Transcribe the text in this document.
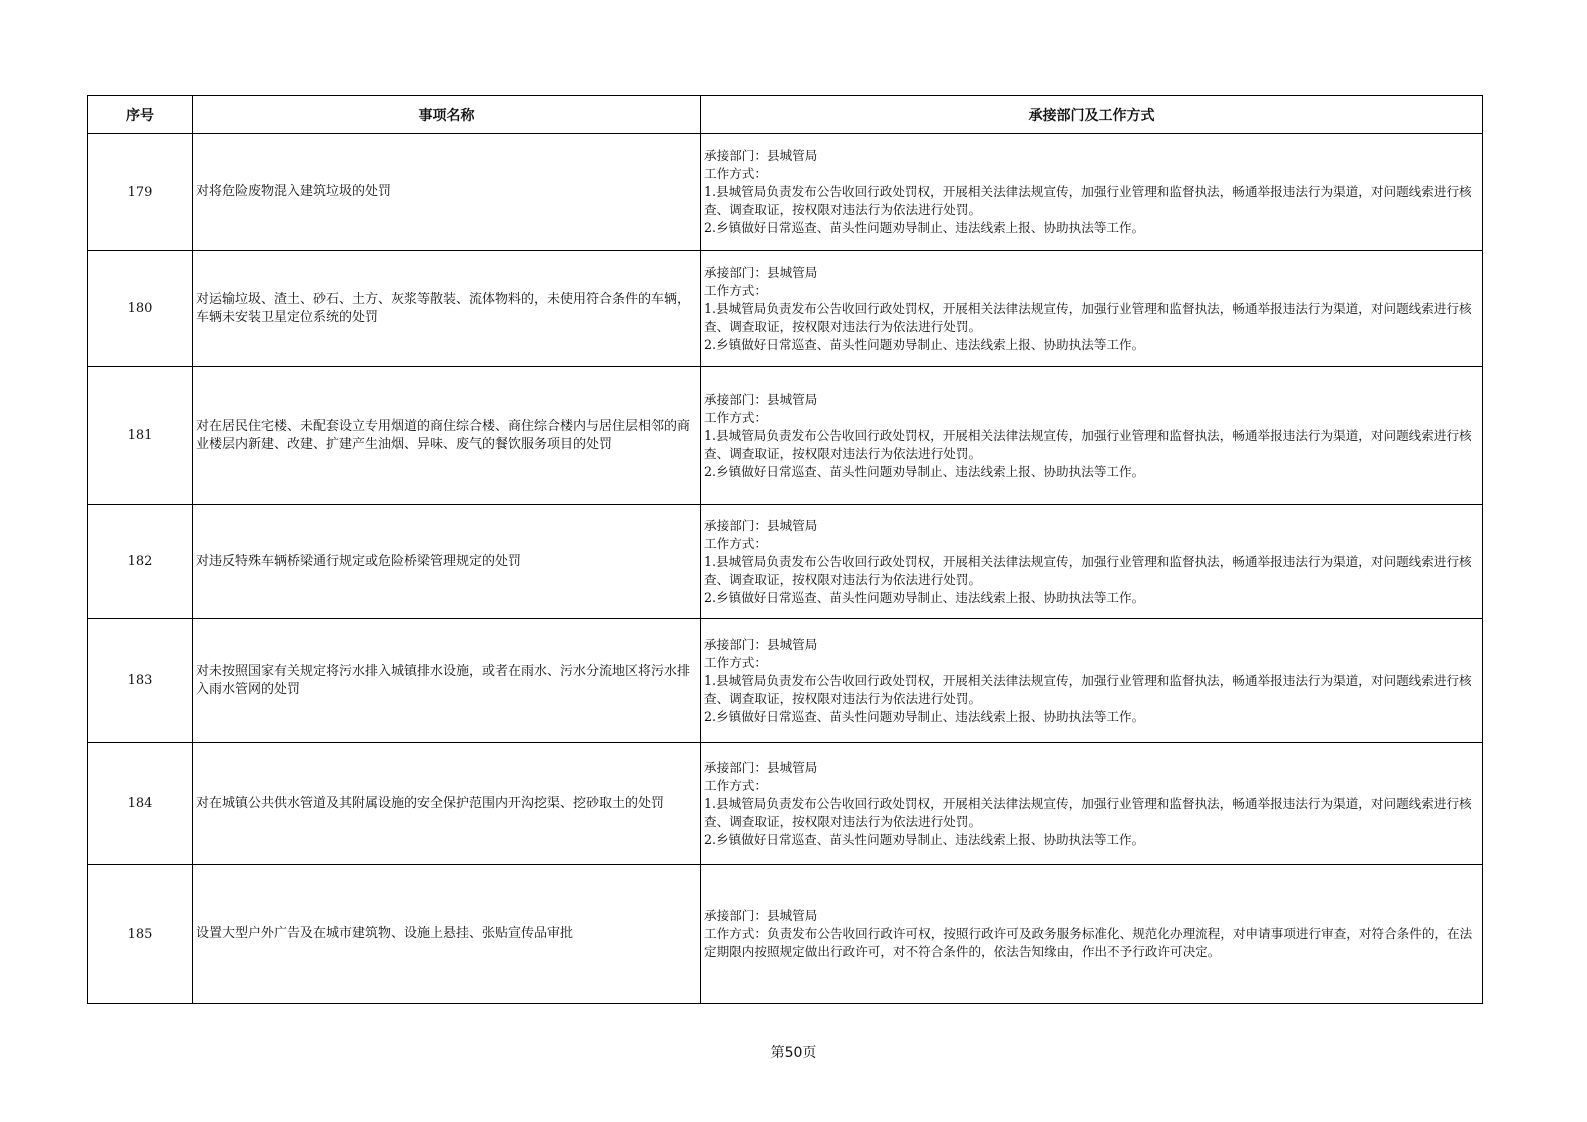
序号	事项名称	承接部门及工作方式
179	对将危险废物混入建筑垃圾的处罚	承接部门：县城管局
工作方式：
1.县城管局负责发布公告收回行政处罚权，开展相关法律法规宣传，加强行业管理和监督执法，畅通举报违法行为渠道，对问题线索进行核查、调查取证，按权限对违法行为依法进行处罚。
2.乡镇做好日常巡查、苗头性问题劝导制止、违法线索上报、协助执法等工作。

180	对运输垃圾、渣土、砂石、土方、灰浆等散装、流体物料的，未使用符合条件的车辆，车辆未安装卫星定位系统的处罚	承接部门：县城管局
工作方式：
1.县城管局负责发布公告收回行政处罚权，开展相关法律法规宣传，加强行业管理和监督执法，畅通举报违法行为渠道，对问题线索进行核查、调查取证，按权限对违法行为依法进行处罚。
2.乡镇做好日常巡查、苗头性问题劝导制止、违法线索上报、协助执法等工作。

181	对在居民住宅楼、未配套设立专用烟道的商住综合楼、商住综合楼内与居住层相邻的商业楼层内新建、改建、扩建产生油烟、异味、废气的餐饮服务项目的处罚	承接部门：县城管局
工作方式：
1.县城管局负责发布公告收回行政处罚权，开展相关法律法规宣传，加强行业管理和监督执法，畅通举报违法行为渠道，对问题线索进行核查、调查取证，按权限对违法行为依法进行处罚。
2.乡镇做好日常巡查、苗头性问题劝导制止、违法线索上报、协助执法等工作。

182	对违反特殊车辆桥梁通行规定或危险桥梁管理规定的处罚	承接部门：县城管局
工作方式：
1.县城管局负责发布公告收回行政处罚权，开展相关法律法规宣传，加强行业管理和监督执法，畅通举报违法行为渠道，对问题线索进行核查、调查取证，按权限对违法行为依法进行处罚。
2.乡镇做好日常巡查、苗头性问题劝导制止、违法线索上报、协助执法等工作。

183	对未按照国家有关规定将污水排入城镇排水设施，或者在雨水、污水分流地区将污水排入雨水管网的处罚	承接部门：县城管局
工作方式：
1.县城管局负责发布公告收回行政处罚权，开展相关法律法规宣传，加强行业管理和监督执法，畅通举报违法行为渠道，对问题线索进行核查、调查取证，按权限对违法行为依法进行处罚。
2.乡镇做好日常巡查、苗头性问题劝导制止、违法线索上报、协助执法等工作。

184	对在城镇公共供水管道及其附属设施的安全保护范围内开沟挖渠、挖砂取土的处罚	承接部门：县城管局
工作方式：
1.县城管局负责发布公告收回行政处罚权，开展相关法律法规宣传，加强行业管理和监督执法，畅通举报违法行为渠道，对问题线索进行核查、调查取证，按权限对违法行为依法进行处罚。
2.乡镇做好日常巡查、苗头性问题劝导制止、违法线索上报、协助执法等工作。

185	设置大型户外广告及在城市建筑物、设施上悬挂、张贴宣传品审批	承接部门：县城管局
工作方式：负责发布公告收回行政许可权，按照行政许可及政务服务标准化、规范化办理流程，对申请事项进行审查，对符合条件的，在法定期限内按照规定做出行政许可，对不符合条件的，依法告知缘由，作出不予行政许可决定。
第50页
